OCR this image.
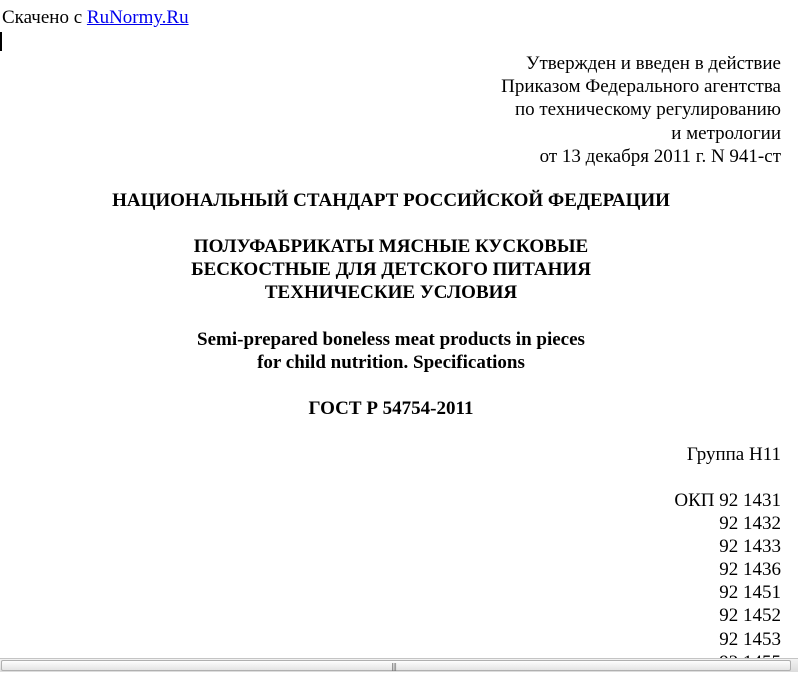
Скачено с RuNormy.Ru
Утвержден и введен в действие
Приказом Федерального агентства
по техническому регулированию
и метрологии
от 13 декабря 2011 г. N 941-ст
НАЦИОНАЛЬНЫЙ СТАНДАРТ РОССИЙСКОЙ ФЕДЕРАЦИИ
ПОЛУФАБРИКАТЫ МЯСНЫЕ КУСКОВЫЕ
БЕСКОСТНЫЕ ДЛЯ ДЕТСКОГО ПИТАНИЯ
ТЕХНИЧЕСКИЕ УСЛОВИЯ
Semi-prepared boneless meat products in pieces
for child nutrition. Specifications
ГОСТ Р 54754-2011
Группа Н11
ОКП 92 1431
92 1432
92 1433
92 1436
92 1451
92 1452
92 1453
|||
